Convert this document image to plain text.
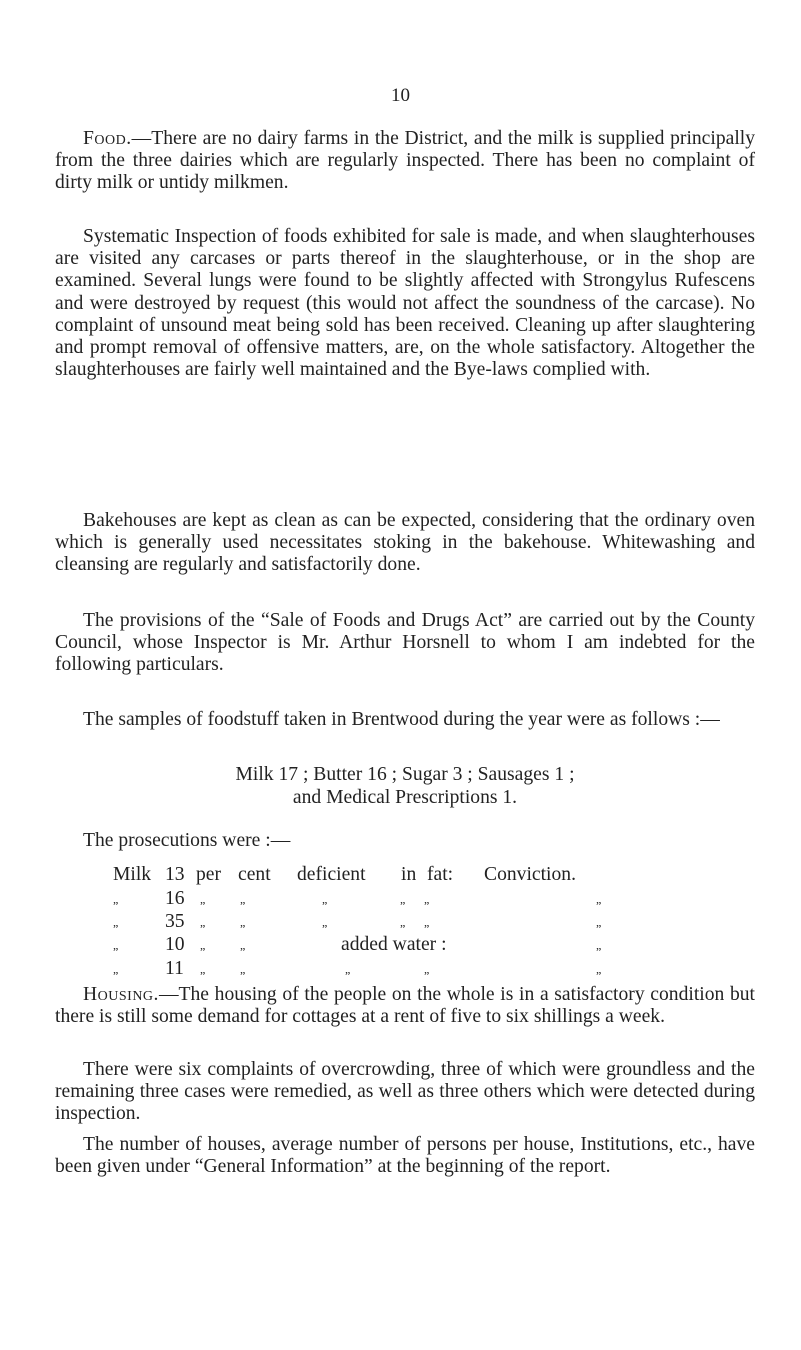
10

Food.—There are no dairy farms in the District, and the milk is supplied principally from the three dairies which are regularly inspected. There has been no complaint of dirty milk or untidy milkmen.

Systematic Inspection of foods exhibited for sale is made, and when slaughterhouses are visited any carcases or parts thereof in the slaughterhouse, or in the shop are examined. Several lungs were found to be slightly affected with Strongylus Rufescens and were destroyed by request (this would not affect the soundness of the carcase). No complaint of unsound meat being sold has been received. Cleaning up after slaughtering and prompt removal of offensive matters, are, on the whole satisfactory. Altogether the slaughterhouses are fairly well maintained and the Bye-laws complied with.

Bakehouses are kept as clean as can be expected, considering that the ordinary oven which is generally used necessitates stoking in the bakehouse. Whitewashing and cleansing are regularly and satisfactorily done.

The provisions of the “Sale of Foods and Drugs Act” are carried out by the County Council, whose Inspector is Mr. Arthur Horsnell to whom I am indebted for the following particulars.

The samples of foodstuff taken in Brentwood during the year were as follows :—

Milk 17 ; Butter 16 ; Sugar 3 ; Sausages 1 ;

and Medical Prescriptions 1.

The prosecutions were :—

Milk 13 per cent deficient in fat: Conviction.
„ 16 „	„	„	„ „	„
„ 35 „	„	„	„ „	„
„ 10 „	„	added water :	„
„ 11 „	„	„	„	„

Housing.—The housing of the people on the whole is in a satisfactory condition but there is still some demand for cottages at a rent of five to six shillings a week.

There were six complaints of overcrowding, three of which were groundless and the remaining three cases were remedied, as well as three others which were detected during inspection.

The number of houses, average number of persons per house, Institutions, etc., have been given under “General Information” at the beginning of the report.
